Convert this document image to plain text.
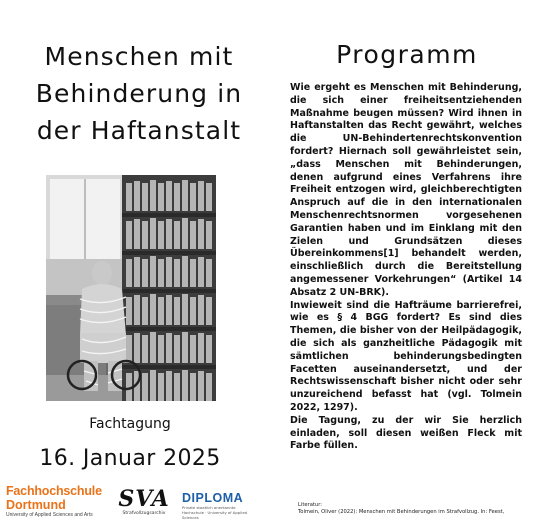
Menschen mit
Behinderung in
der Haftanstalt
Programm
Fachtagung
16. Januar 2025

Wie ergeht es Menschen mit Behinderung, die sich einer freiheitsentziehenden Maßnahme beugen müssen? Wird ihnen in Haftanstalten das Recht gewährt, welches die UN-Behindertenrechtskonvention fordert? Hiernach soll gewährleistet sein, „dass Menschen mit Behinderungen, denen aufgrund eines Verfahrens ihre Freiheit entzogen wird, gleichberechtigten Anspruch auf die in den internationalen Menschenrechtsnormen vorgesehenen Garantien haben und im Einklang mit den Zielen und Grundsätzen dieses Übereinkommens[1] behandelt werden, einschließlich durch die Bereitstellung angemessener Vorkehrungen“ (Artikel 14 Absatz 2 UN-BRK).

Inwieweit sind die Hafträume barrierefrei, wie es § 4 BGG fordert? Es sind dies Themen, die bisher von der Heilpädagogik, die sich als ganzheitliche Pädagogik mit sämtlichen behinderungsbedingten Facetten auseinandersetzt, und der Rechtswissenschaft bisher nicht oder sehr unzureichend befasst hat (vgl. Tolmein 2022, 1297).

Die Tagung, zu der wir Sie herzlich einladen, soll diesen weißen Fleck mit Farbe füllen.

Fachhochschule
Dortmund
University of Applied Sciences and Arts
SVA
Strafvollzugsarchiv
DIPLOMA
Private staatlich anerkannte Hochschule · University of Applied Sciences
Literatur:
Tolmein, Oliver (2022): Menschen mit Behinderungen im Strafvollzug. In: Feest,
